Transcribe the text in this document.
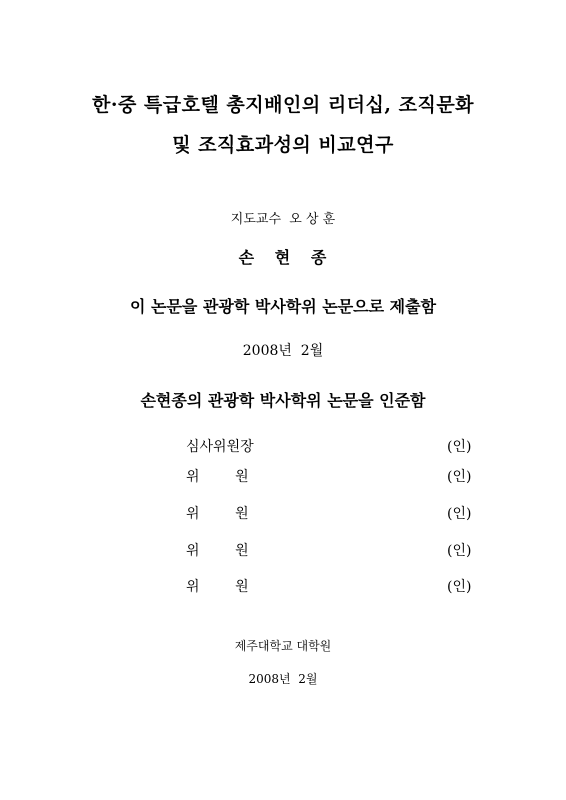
한·중 특급호텔 총지배인의 리더십, 조직문화
및 조직효과성의 비교연구
지도교수  오 상 훈
손   현   종
이 논문을 관광학 박사학위 논문으로 제출함
2008년  2월
손현종의 관광학 박사학위 논문을 인준함
심사위원장	(인)
위        원	(인)
위        원	(인)
위        원	(인)
위        원	(인)
제주대학교 대학원
2008년  2월
